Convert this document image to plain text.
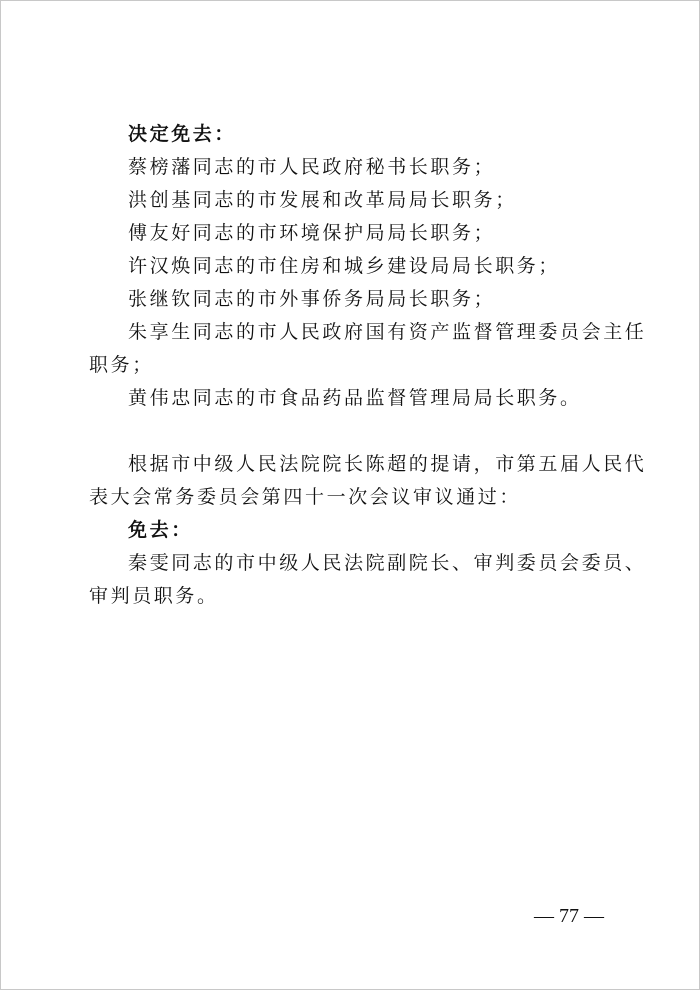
决定免去：

蔡榜藩同志的市人民政府秘书长职务；

洪创基同志的市发展和改革局局长职务；

傅友好同志的市环境保护局局长职务；

许汉焕同志的市住房和城乡建设局局长职务；

张继钦同志的市外事侨务局局长职务；

朱享生同志的市人民政府国有资产监督管理委员会主任

职务；

黄伟忠同志的市食品药品监督管理局局长职务。

根据市中级人民法院院长陈超的提请，市第五届人民代

表大会常务委员会第四十一次会议审议通过：

免去：

秦雯同志的市中级人民法院副院长、审判委员会委员、

审判员职务。

— 77 —
